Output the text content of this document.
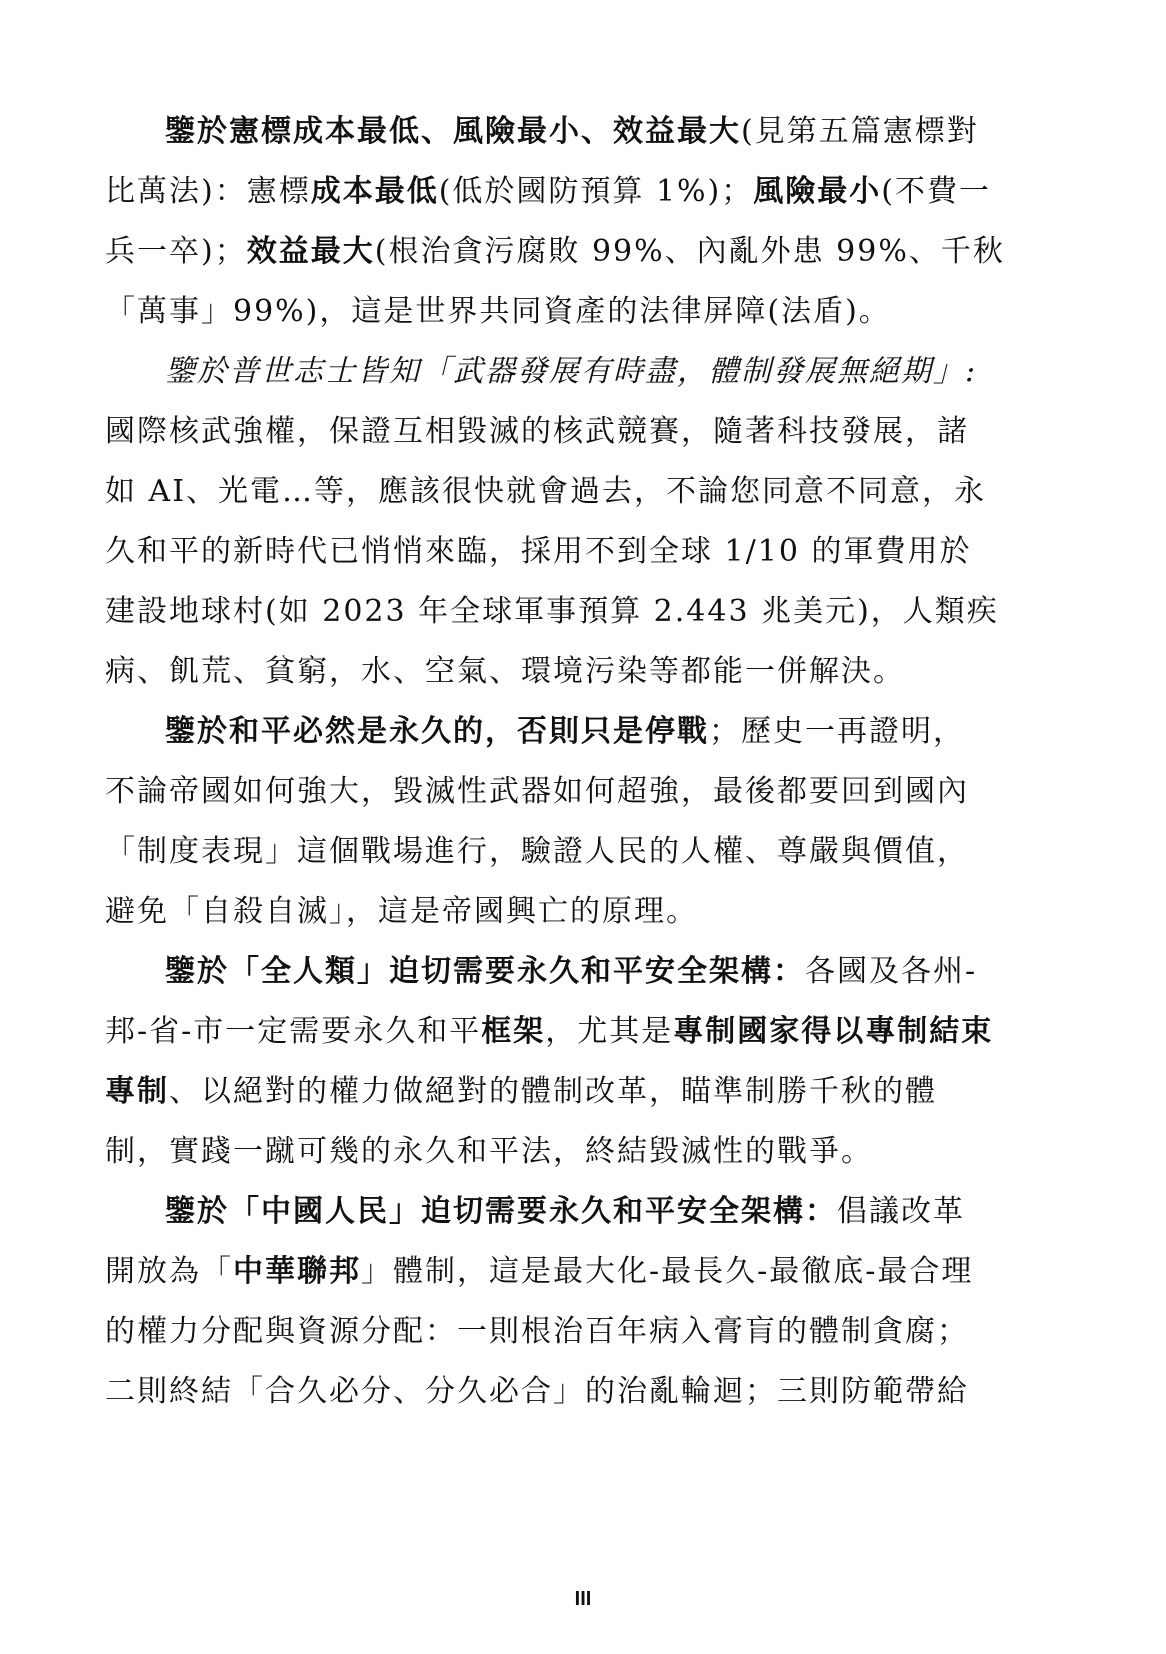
鑒於憲標成本最低、風險最小、效益最大(見第五篇憲標對
比萬法)：憲標成本最低(低於國防預算 1%)；風險最小(不費一
兵一卒)；效益最大(根治貪污腐敗 99%、內亂外患 99%、千秋
「萬事」99%)，這是世界共同資產的法律屏障(法盾)。
鑒於普世志士皆知「武器發展有時盡，體制發展無絕期」:
國際核武強權，保證互相毀滅的核武競賽，隨著科技發展，諸
如 AI、光電…等，應該很快就會過去，不論您同意不同意，永
久和平的新時代已悄悄來臨，採用不到全球 1/10 的軍費用於
建設地球村(如 2023 年全球軍事預算 2.443 兆美元)，人類疾
病、飢荒、貧窮，水、空氣、環境污染等都能一併解決。
鑒於和平必然是永久的，否則只是停戰；歷史一再證明，
不論帝國如何強大，毀滅性武器如何超強，最後都要回到國內
「制度表現」這個戰場進行，驗證人民的人權、尊嚴與價值，
避免「自殺自滅」，這是帝國興亡的原理。
鑒於「全人類」迫切需要永久和平安全架構：各國及各州-
邦-省-市一定需要永久和平框架，尤其是專制國家得以專制結束
專制、以絕對的權力做絕對的體制改革，瞄準制勝千秋的體
制，實踐一蹴可幾的永久和平法，終結毀滅性的戰爭。
鑒於「中國人民」迫切需要永久和平安全架構：倡議改革
開放為「中華聯邦」體制，這是最大化-最長久-最徹底-最合理
的權力分配與資源分配：一則根治百年病入膏肓的體制貪腐；
二則終結「合久必分、分久必合」的治亂輪迴；三則防範帶給
III
